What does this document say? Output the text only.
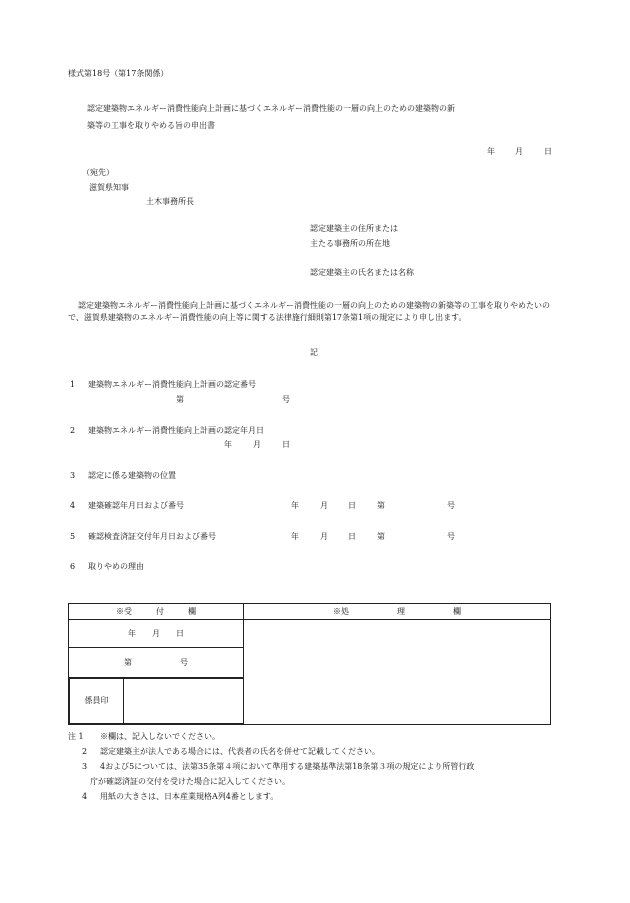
様式第18号（第17条関係）
認定建築物エネルギー消費性能向上計画に基づくエネルギー消費性能の一層の向上のための建築物の新
築等の工事を取りやめる旨の申出書
年	月	日
（宛先）
滋賀県知事
土木事務所長
認定建築主の住所または
主たる事務所の所在地
認定建築主の氏名または名称
認定建築物エネルギー消費性能向上計画に基づくエネルギー消費性能の一層の向上のための建築物の新築等の工事を取りやめたいので、滋賀県建築物のエネルギー消費性能の向上等に関する法律施行細則第17条第1項の規定により申し出ます。
記
1 建築物エネルギー消費性能向上計画の認定番号
第	号
2 建築物エネルギー消費性能向上計画の認定年月日
年	月	日
3 認定に係る建築物の位置
4 建築確認年月日および番号	年	月	日	第	号
5 確認検査済証交付年月日および番号	年	月	日	第	号
6 取りやめの理由
※受　　　付　　　欄	※処　　　　　　理　　　　　　欄
年　　月　　日	
第　　　　　　号

係員印	
注 1 ※欄は、記入しないでください。
2 認定建築主が法人である場合には、代表者の氏名を併せて記載してください。
3 4および5については、法第35条第４項において準用する建築基準法第18条第３項の規定により所管行政
庁が確認済証の交付を受けた場合に記入してください。
4 用紙の大きさは、日本産業規格A列4番とします。
